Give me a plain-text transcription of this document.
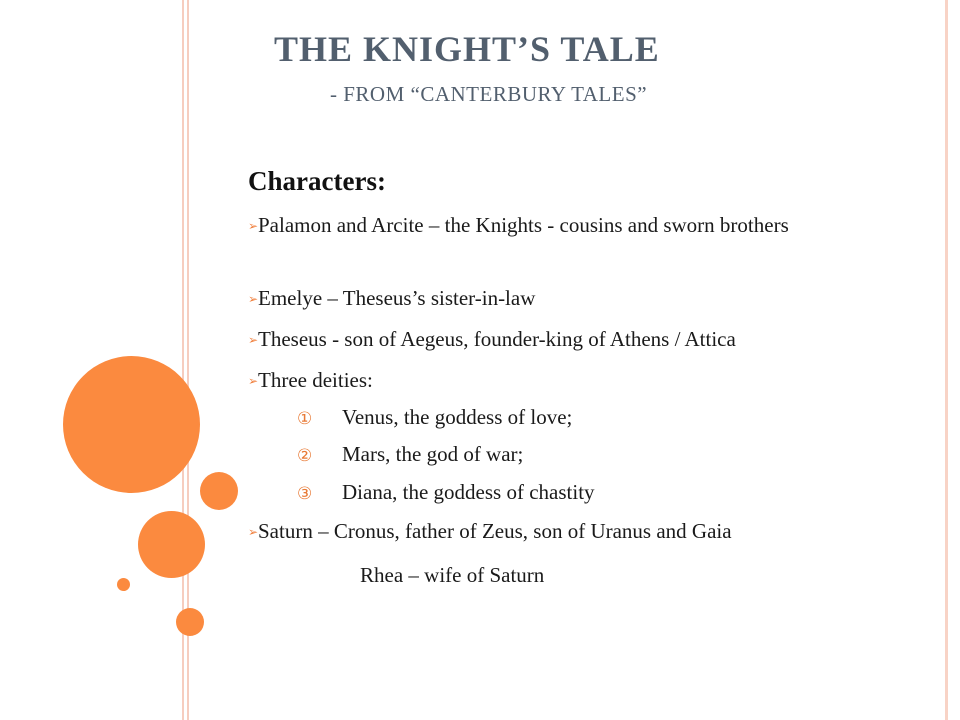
THE KNIGHT’S TALE
- FROM “CANTERBURY TALES”
Characters:
➢Palamon and Arcite – the Knights - cousins and sworn brothers
➢Emelye – Theseus’s sister-in-law
➢Theseus - son of Aegeus, founder-king of Athens / Attica
➢Three deities:
① Venus, the goddess of love;
② Mars, the god of war;
③ Diana, the goddess of chastity
➢Saturn – Cronus, father of Zeus, son of Uranus and Gaia
Rhea – wife of Saturn
